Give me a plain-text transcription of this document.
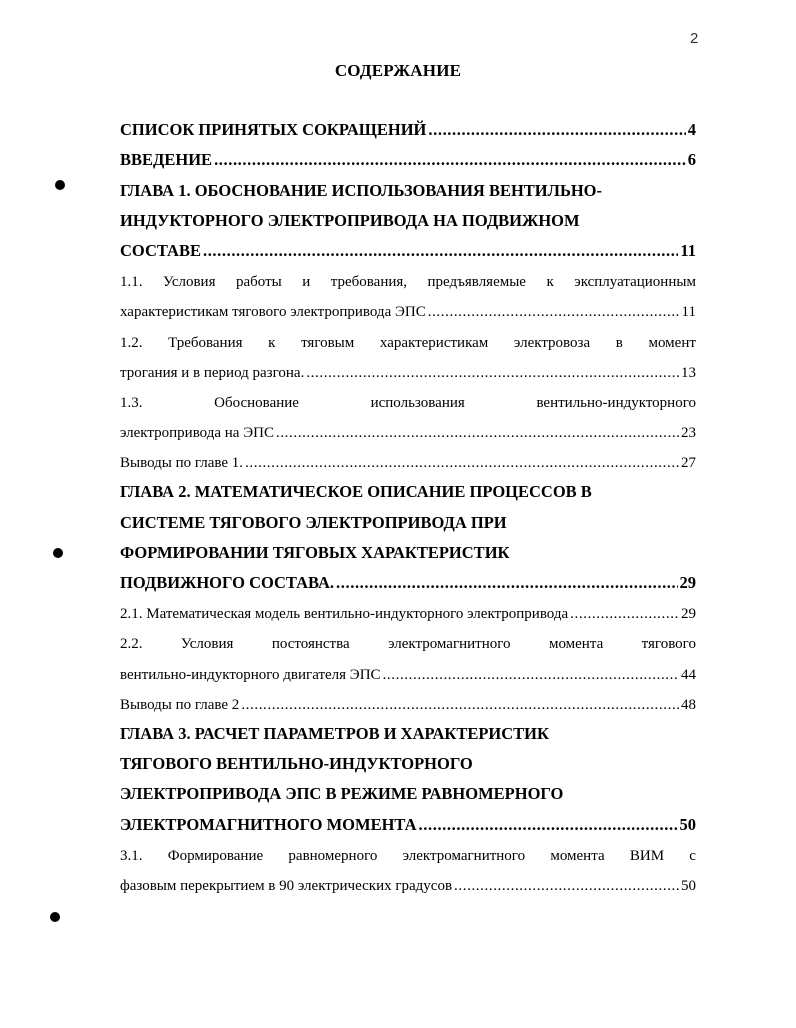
2
СОДЕРЖАНИЕ
СПИСОК ПРИНЯТЫХ СОКРАЩЕНИЙ .....	4
ВВЕДЕНИЕ .....	6
ГЛАВА 1. ОБОСНОВАНИЕ ИСПОЛЬЗОВАНИЯ ВЕНТИЛЬНО-
ИНДУКТОРНОГО ЭЛЕКТРОПРИВОДА НА ПОДВИЖНОМ
СОСТАВЕ .....	11
1.1. Условия работы и требования, предъявляемые к эксплуатационным
характеристикам тягового электропривода ЭПС .....	11
1.2. Требования к тяговым характеристикам электровоза в момент
трогания и в период разгона. .....	13
1.3.	Обоснование	использования	вентильно-индукторного
электропривода на ЭПС .....	23
Выводы по главе 1. .....	27
ГЛАВА 2. МАТЕМАТИЧЕСКОЕ ОПИСАНИЕ ПРОЦЕССОВ В
СИСТЕМЕ ТЯГОВОГО ЭЛЕКТРОПРИВОДА ПРИ
ФОРМИРОВАНИИ ТЯГОВЫХ ХАРАКТЕРИСТИК
ПОДВИЖНОГО СОСТАВА. .....	29
2.1. Математическая модель вентильно-индукторного электропривода .....	29
2.2.	Условия	постоянства	электромагнитного	момента	тягового
вентильно-индукторного двигателя ЭПС .....	44
Выводы по главе 2 .....	48
ГЛАВА 3. РАСЧЕТ ПАРАМЕТРОВ И ХАРАКТЕРИСТИК
ТЯГОВОГО ВЕНТИЛЬНО-ИНДУКТОРНОГО
ЭЛЕКТРОПРИВОДА ЭПС В РЕЖИМЕ РАВНОМЕРНОГО
ЭЛЕКТРОМАГНИТНОГО МОМЕНТА .....	50
3.1. Формирование равномерного электромагнитного момента ВИМ с
фазовым перекрытием в 90 электрических градусов .....	50
